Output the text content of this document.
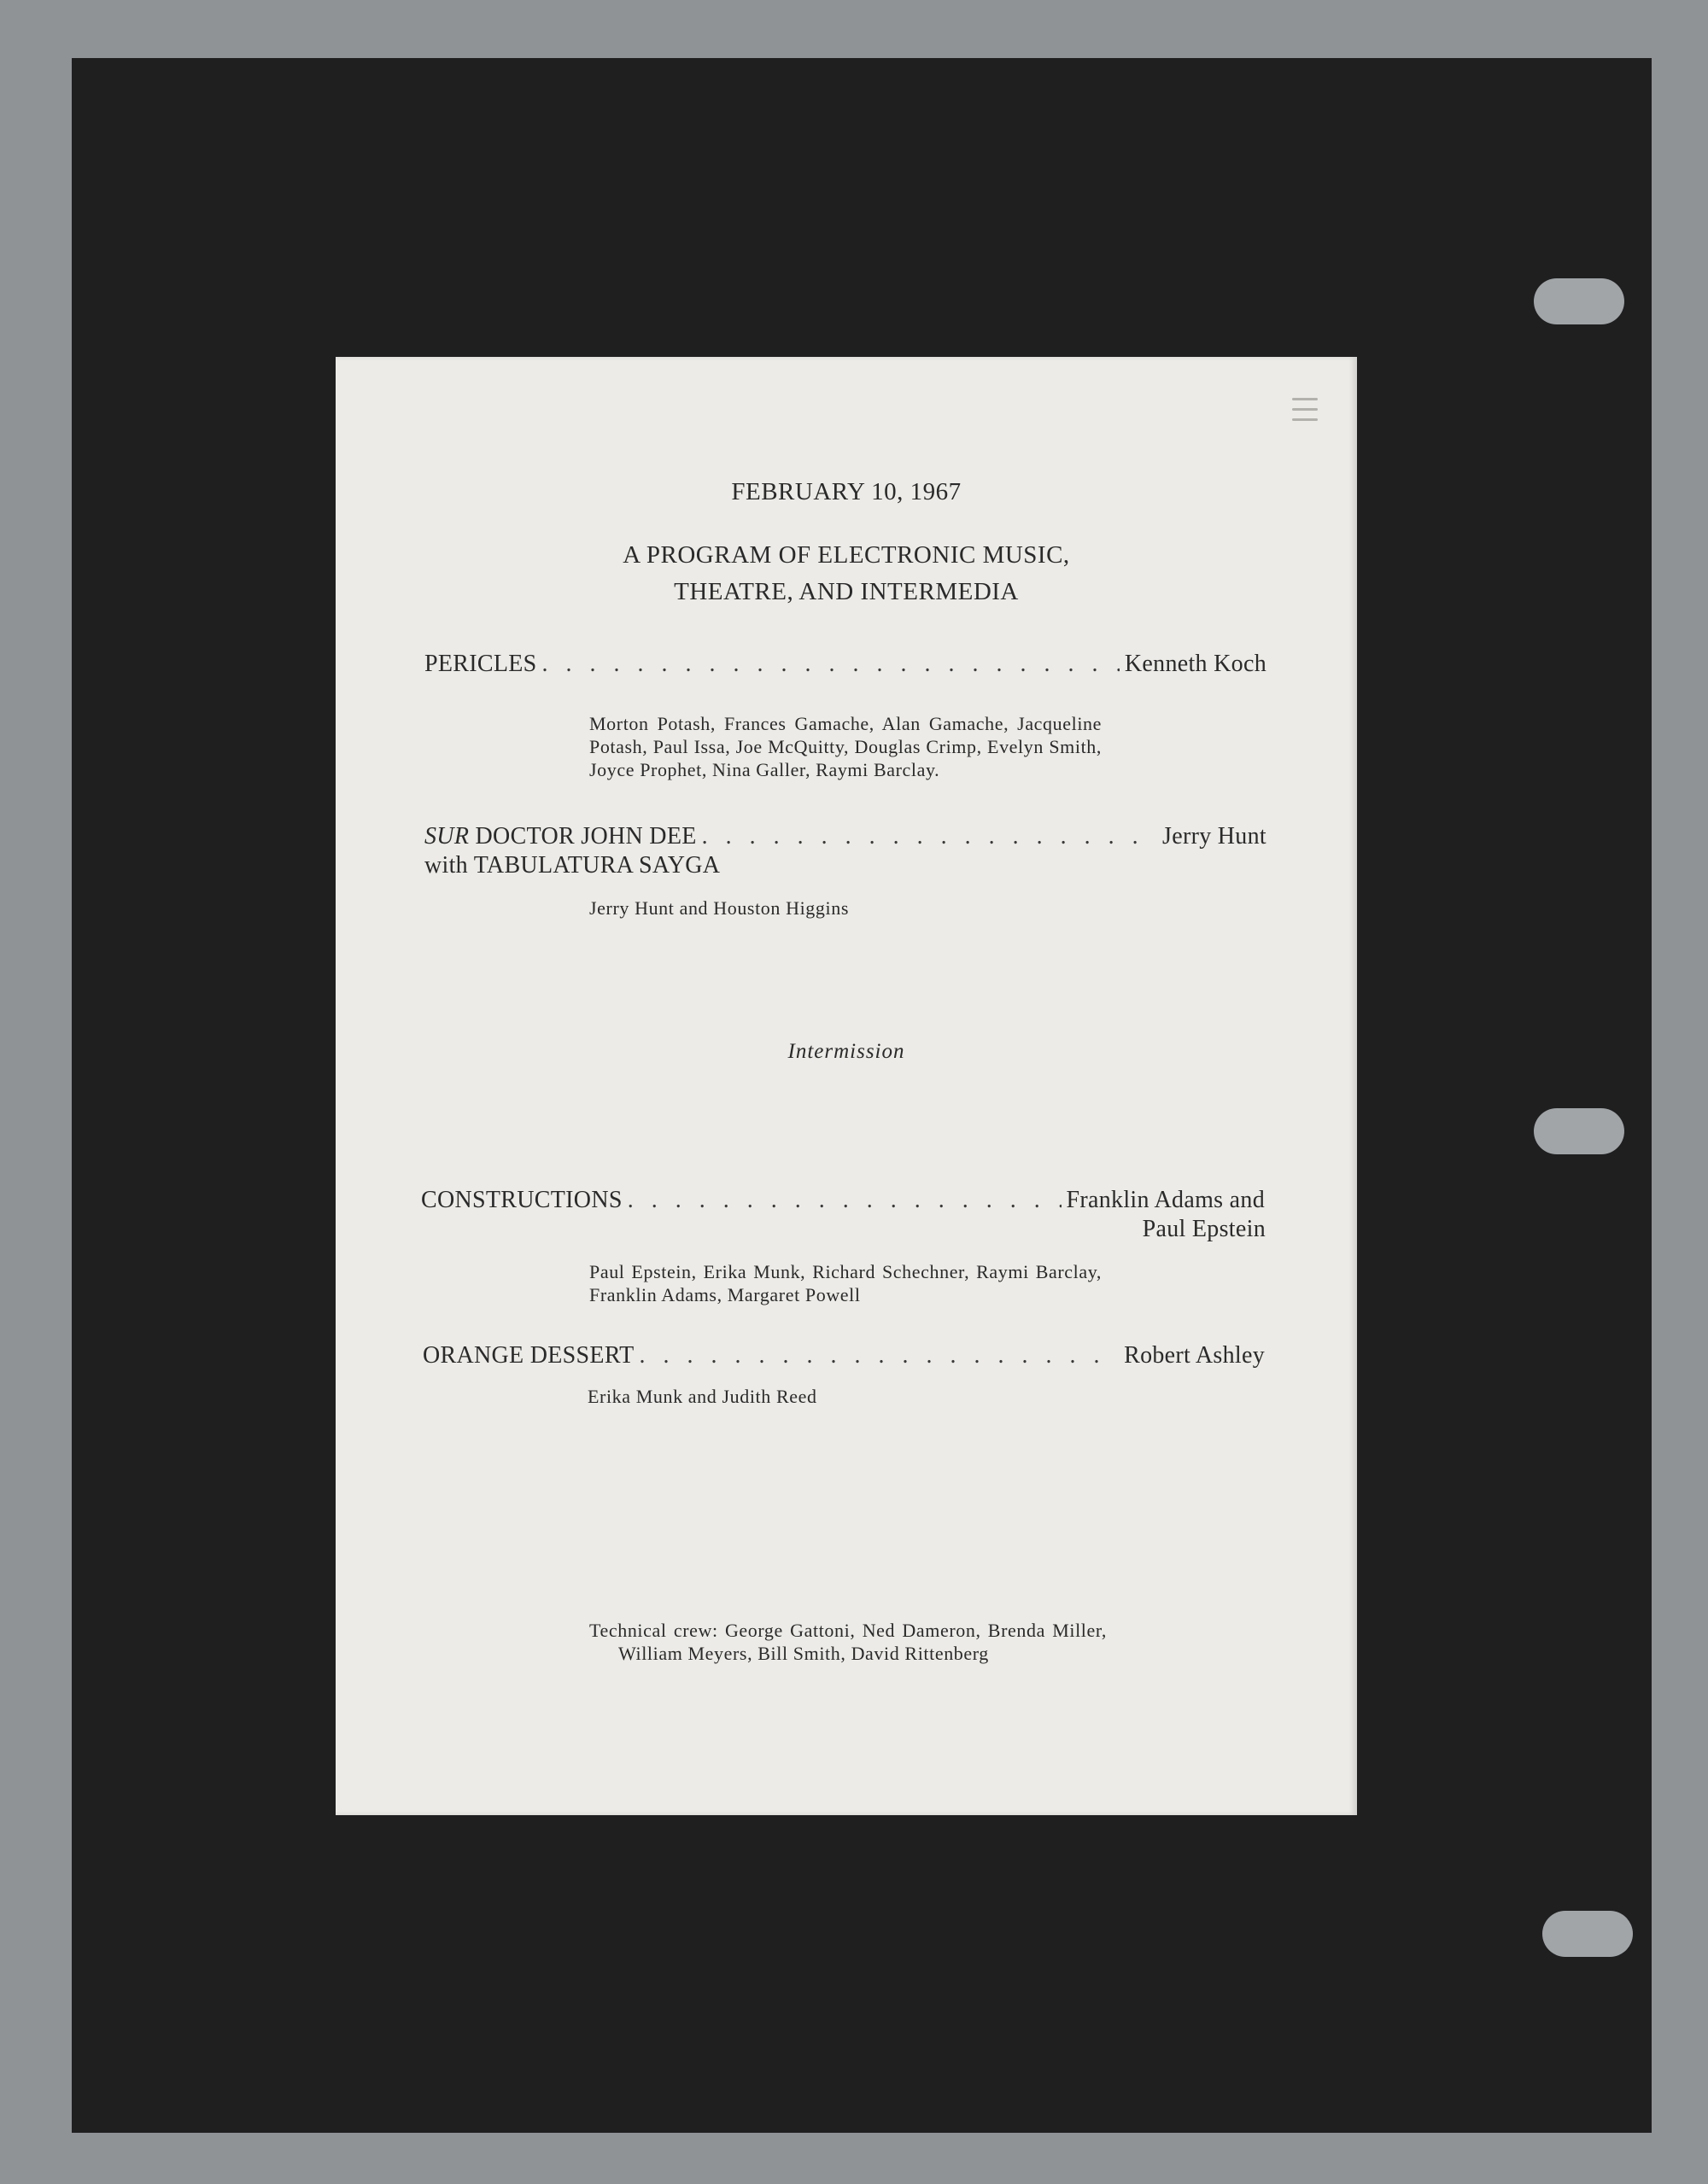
FEBRUARY 10, 1967

A PROGRAM OF ELECTRONIC MUSIC,

THEATRE, AND INTERMEDIA

PERICLES . . .	Kenneth Koch

Morton Potash, Frances Gamache, Alan Gamache, Jacqueline Potash, Paul Issa, Joe McQuitty, Douglas Crimp, Evelyn Smith, Joyce Prophet, Nina Galler, Raymi Barclay.

SUR DOCTOR JOHN DEE . . .	Jerry Hunt

with TABULATURA SAYGA

Jerry Hunt and Houston Higgins

Intermission

CONSTRUCTIONS . . .	Franklin Adams and

Paul Epstein

Paul Epstein, Erika Munk, Richard Schechner, Raymi Barclay, Franklin Adams, Margaret Powell

ORANGE DESSERT . . .	Robert Ashley

Erika Munk and Judith Reed

Technical crew: George Gattoni, Ned Dameron, Brenda Miller, William Meyers, Bill Smith, David Rittenberg
